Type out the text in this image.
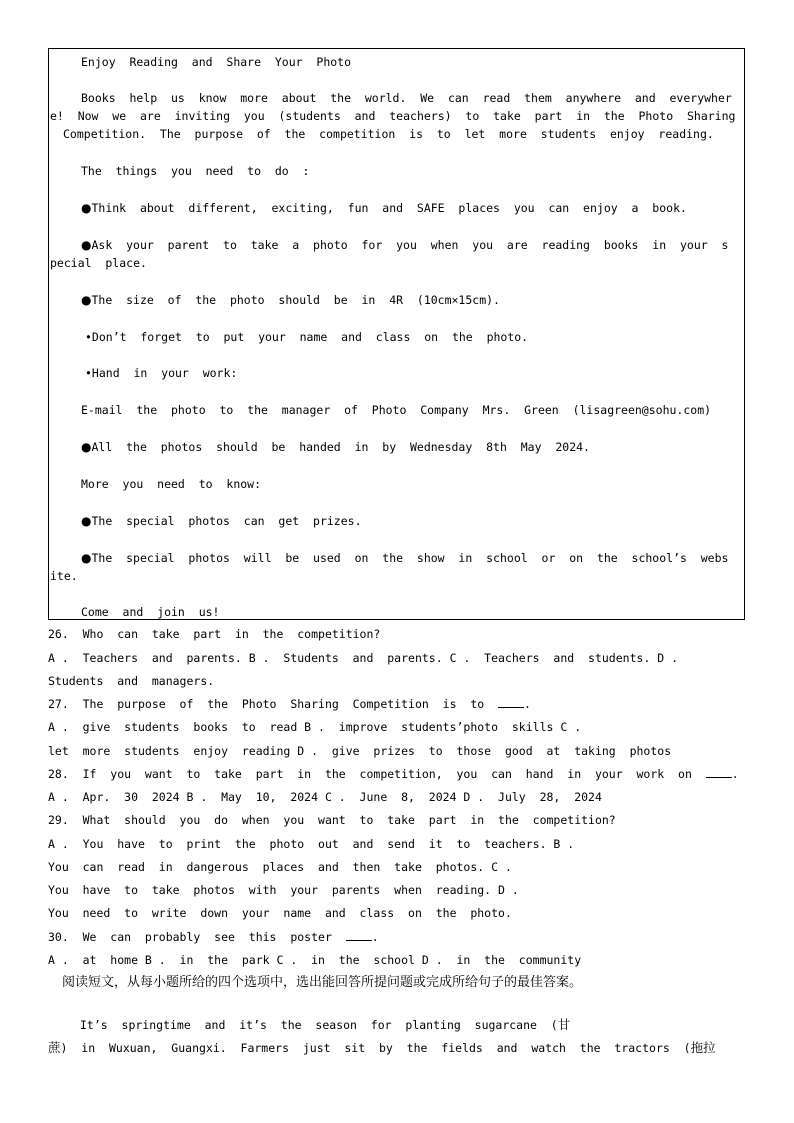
Enjoy  Reading  and  Share  Your  Photo
Books  help  us  know  more  about  the  world.  We  can  read  them  anywhere  and  everywher
e!  Now  we  are  inviting  you  (students  and  teachers)  to  take  part  in  the  Photo  Sharing
Competition.  The  purpose  of  the  competition  is  to  let  more  students  enjoy  reading.
The  things  you  need  to  do  :
●Think  about  different,  exciting,  fun  and  SAFE  places  you  can  enjoy  a  book.
●Ask  your  parent  to  take  a  photo  for  you  when  you  are  reading  books  in  your  s
pecial  place.
●The  size  of  the  photo  should  be  in  4R  (10cm×15cm).
•Don’t  forget  to  put  your  name  and  class  on  the  photo.
•Hand  in  your  work:
E-mail  the  photo  to  the  manager  of  Photo  Company  Mrs.  Green  (lisagreen@sohu.com)
●All  the  photos  should  be  handed  in  by  Wednesday  8th  May  2024.
More  you  need  to  know:
●The  special  photos  can  get  prizes.
●The  special  photos  will  be  used  on  the  show  in  school  or  on  the  school’s  webs
ite.
Come  and  join  us!
26.  Who  can  take  part  in  the  competition?
A .  Teachers  and  parents. B .  Students  and  parents. C .  Teachers  and  students. D .
Students  and  managers.
27.  The  purpose  of  the  Photo  Sharing  Competition  is  to  .
A .  give  students  books  to  read B .  improve  students’photo  skills C .
let  more  students  enjoy  reading D .  give  prizes  to  those  good  at  taking  photos
28.  If  you  want  to  take  part  in  the  competition,  you  can  hand  in  your  work  on  .
A .  Apr.  30  2024 B .  May  10,  2024 C .  June  8,  2024 D .  July  28,  2024
29.  What  should  you  do  when  you  want  to  take  part  in  the  competition?
A .  You  have  to  print  the  photo  out  and  send  it  to  teachers. B .
You  can  read  in  dangerous  places  and  then  take  photos. C .
You  have  to  take  photos  with  your  parents  when  reading. D .
You  need  to  write  down  your  name  and  class  on  the  photo.
30.  We  can  probably  see  this  poster  .
A .  at  home B .  in  the  park C .  in  the  school D .  in  the  community
阅读短文，从每小题所给的四个选项中，选出能回答所提问题或完成所给句子的最佳答案。
It’s  springtime  and  it’s  the  season  for  planting  sugarcane  (甘
蔗)  in  Wuxuan,  Guangxi.  Farmers  just  sit  by  the  fields  and  watch  the  tractors  (拖拉
